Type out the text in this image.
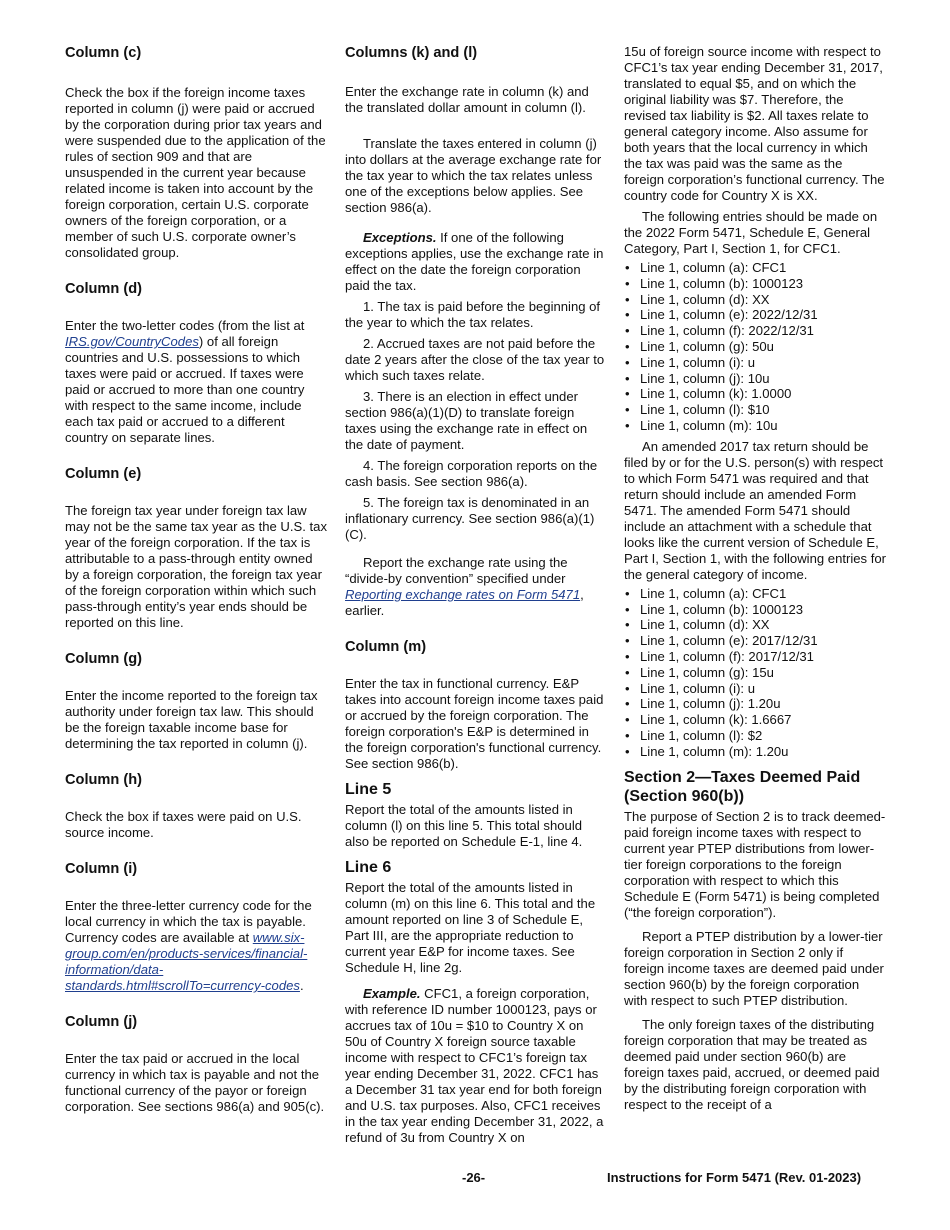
Column (c)

Check the box if the foreign income taxes reported in column (j) were paid or accrued by the corporation during prior tax years and were suspended due to the application of the rules of section 909 and that are unsuspended in the current year because related income is taken into account by the foreign corporation, certain U.S. corporate owners of the foreign corporation, or a member of such U.S. corporate owner’s consolidated group.

Column (d)

Enter the two-letter codes (from the list at IRS.gov/CountryCodes) of all foreign countries and U.S. possessions to which taxes were paid or accrued. If taxes were paid or accrued to more than one country with respect to the same income, include each tax paid or accrued to a different country on separate lines.

Column (e)

The foreign tax year under foreign tax law may not be the same tax year as the U.S. tax year of the foreign corporation. If the tax is attributable to a pass-through entity owned by a foreign corporation, the foreign tax year of the foreign corporation within which such pass-through entity’s year ends should be reported on this line.

Column (g)

Enter the income reported to the foreign tax authority under foreign tax law. This should be the foreign taxable income base for determining the tax reported in column (j).

Column (h)

Check the box if taxes were paid on U.S. source income.

Column (i)

Enter the three-letter currency code for the local currency in which the tax is payable. Currency codes are available at www.six-group.com/en/products-services/financial-information/data-standards.html#scrollTo=currency-codes.

Column (j)

Enter the tax paid or accrued in the local currency in which tax is payable and not the functional currency of the payor or foreign corporation. See sections 986(a) and 905(c).

Columns (k) and (l)

Enter the exchange rate in column (k) and the translated dollar amount in column (l).

Translate the taxes entered in column (j) into dollars at the average exchange rate for the tax year to which the tax relates unless one of the exceptions below applies. See section 986(a).

Exceptions. If one of the following exceptions applies, use the exchange rate in effect on the date the foreign corporation paid the tax.

1. The tax is paid before the beginning of the year to which the tax relates.

2. Accrued taxes are not paid before the date 2 years after the close of the tax year to which such taxes relate.

3. There is an election in effect under section 986(a)(1)(D) to translate foreign taxes using the exchange rate in effect on the date of payment.

4. The foreign corporation reports on the cash basis. See section 986(a).

5. The foreign tax is denominated in an inflationary currency. See section 986(a)(1)(C).

Report the exchange rate using the “divide-by convention” specified under Reporting exchange rates on Form 5471, earlier.

Column (m)

Enter the tax in functional currency. E&P takes into account foreign income taxes paid or accrued by the foreign corporation. The foreign corporation's E&P is determined in the foreign corporation's functional currency. See section 986(b).

Line 5

Report the total of the amounts listed in column (l) on this line 5. This total should also be reported on Schedule E-1, line 4.

Line 6

Report the total of the amounts listed in column (m) on this line 6. This total and the amount reported on line 3 of Schedule E, Part III, are the appropriate reduction to current year E&P for income taxes. See Schedule H, line 2g.

Example. CFC1, a foreign corporation, with reference ID number 1000123, pays or accrues tax of 10u = $10 to Country X on 50u of Country X foreign source taxable income with respect to CFC1’s foreign tax year ending December 31, 2022. CFC1 has a December 31 tax year end for both foreign and U.S. tax purposes. Also, CFC1 receives in the tax year ending December 31, 2022, a refund of 3u from Country X on

15u of foreign source income with respect to CFC1’s tax year ending December 31, 2017, translated to equal $5, and on which the original liability was $7. Therefore, the revised tax liability is $2. All taxes relate to general category income. Also assume for both years that the local currency in which the tax was paid was the same as the foreign corporation’s functional currency. The country code for Country X is XX.

The following entries should be made on the 2022 Form 5471, Schedule E, General Category, Part I, Section 1, for CFC1.

• Line 1, column (a): CFC1
• Line 1, column (b): 1000123
• Line 1, column (d): XX
• Line 1, column (e): 2022/12/31
• Line 1, column (f): 2022/12/31
• Line 1, column (g): 50u
• Line 1, column (i): u
• Line 1, column (j): 10u
• Line 1, column (k): 1.0000
• Line 1, column (l): $10
• Line 1, column (m): 10u

An amended 2017 tax return should be filed by or for the U.S. person(s) with respect to which Form 5471 was required and that return should include an amended Form 5471. The amended Form 5471 should include an attachment with a schedule that looks like the current version of Schedule E, Part I, Section 1, with the following entries for the general category of income.

• Line 1, column (a): CFC1
• Line 1, column (b): 1000123
• Line 1, column (d): XX
• Line 1, column (e): 2017/12/31
• Line 1, column (f): 2017/12/31
• Line 1, column (g): 15u
• Line 1, column (i): u
• Line 1, column (j): 1.20u
• Line 1, column (k): 1.6667
• Line 1, column (l): $2
• Line 1, column (m): 1.20u
Section 2—Taxes Deemed Paid (Section 960(b))

The purpose of Section 2 is to track deemed-paid foreign income taxes with respect to current year PTEP distributions from lower-tier foreign corporations to the foreign corporation with respect to which this Schedule E (Form 5471) is being completed (“the foreign corporation”).

Report a PTEP distribution by a lower-tier foreign corporation in Section 2 only if foreign income taxes are deemed paid under section 960(b) by the foreign corporation with respect to such PTEP distribution.

The only foreign taxes of the distributing foreign corporation that may be treated as deemed paid under section 960(b) are foreign taxes paid, accrued, or deemed paid by the distributing foreign corporation with respect to the receipt of a

-26-	Instructions for Form 5471 (Rev. 01-2023)
